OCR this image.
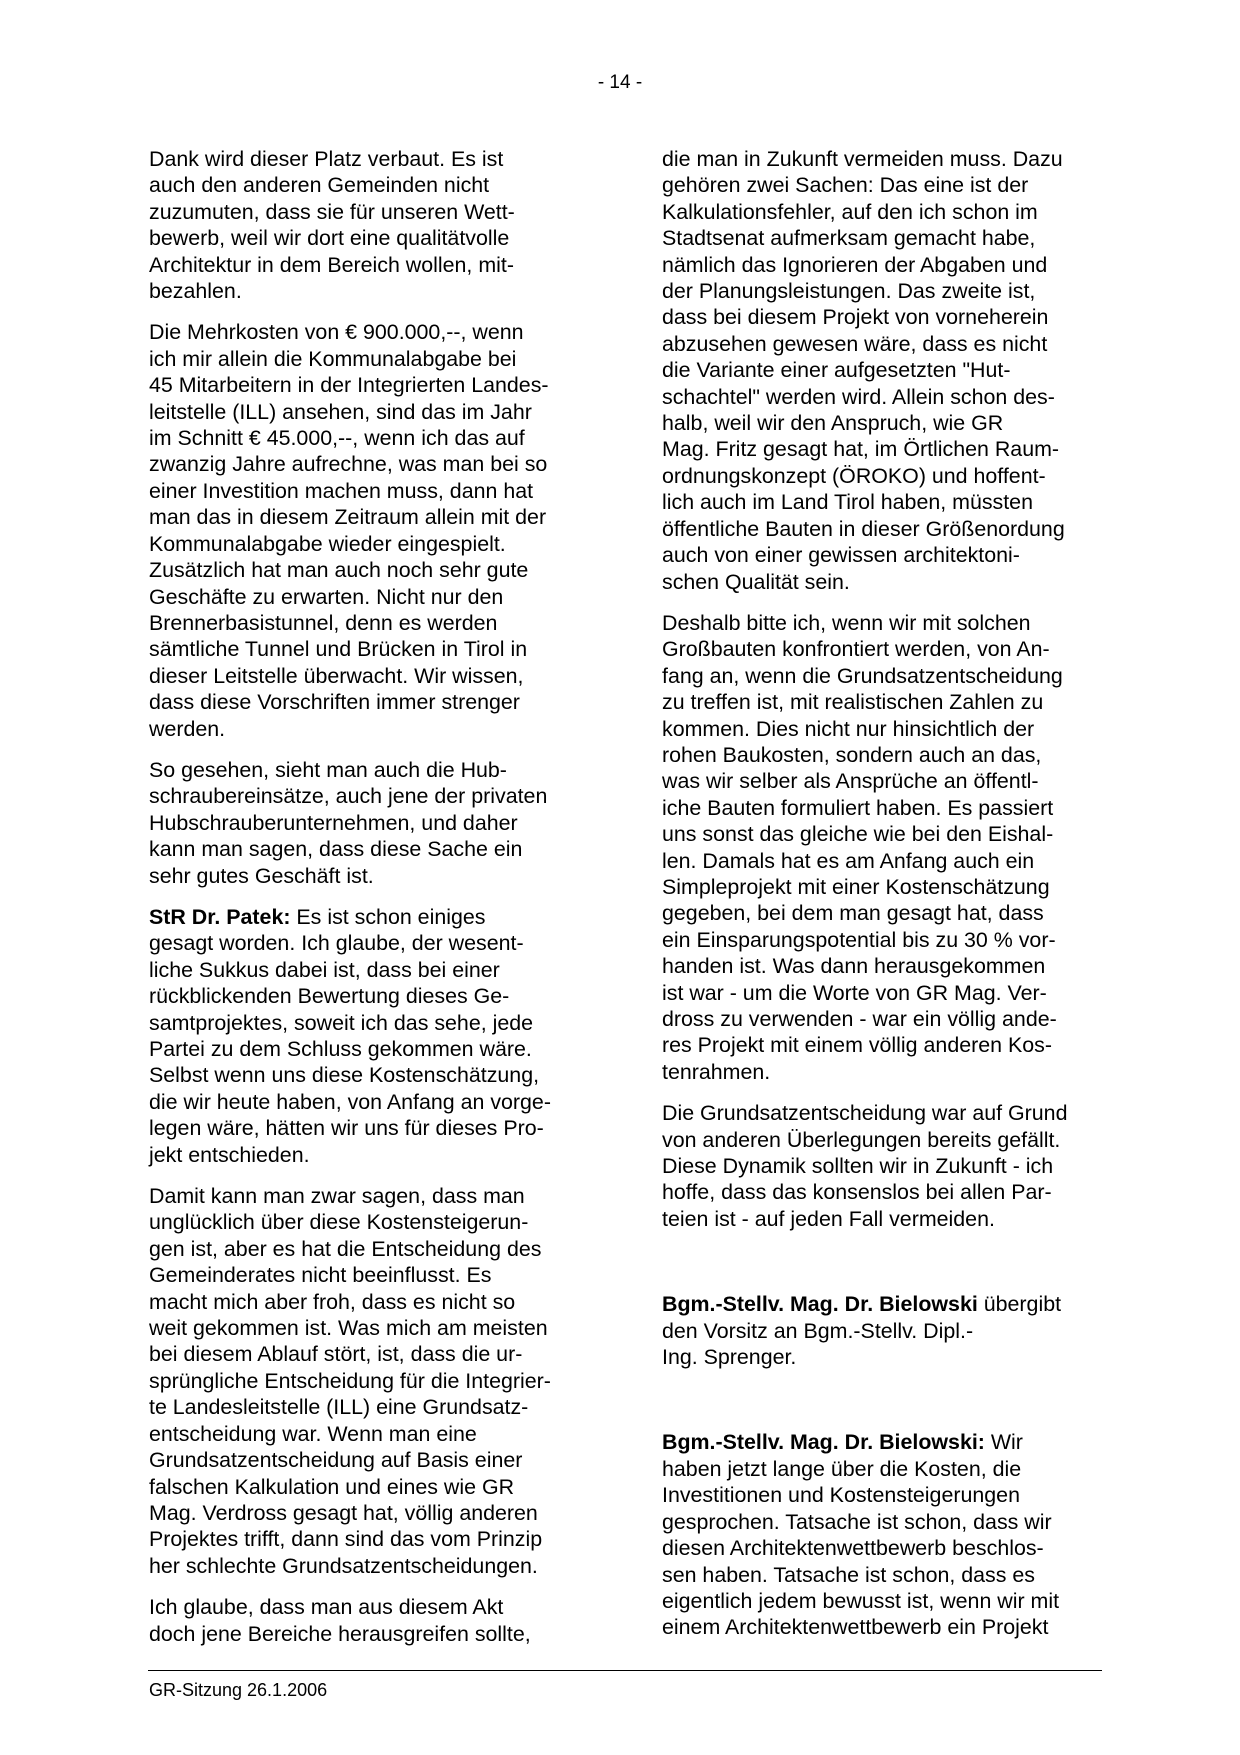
- 14 -
Dank wird dieser Platz verbaut. Es ist
auch den anderen Gemeinden nicht
zuzumuten, dass sie für unseren Wett-
bewerb, weil wir dort eine qualitätvolle
Architektur in dem Bereich wollen, mit-
bezahlen.
Die Mehrkosten von € 900.000,--, wenn
ich mir allein die Kommunalabgabe bei
45 Mitarbeitern in der Integrierten Landes-
leitstelle (ILL) ansehen, sind das im Jahr
im Schnitt € 45.000,--, wenn ich das auf
zwanzig Jahre aufrechne, was man bei so
einer Investition machen muss, dann hat
man das in diesem Zeitraum allein mit der
Kommunalabgabe wieder eingespielt.
Zusätzlich hat man auch noch sehr gute
Geschäfte zu erwarten. Nicht nur den
Brennerbasistunnel, denn es werden
sämtliche Tunnel und Brücken in Tirol in
dieser Leitstelle überwacht. Wir wissen,
dass diese Vorschriften immer strenger
werden.
So gesehen, sieht man auch die Hub-
schraubereinsätze, auch jene der privaten
Hubschrauberunternehmen, und daher
kann man sagen, dass diese Sache ein
sehr gutes Geschäft ist.
StR Dr. Patek: Es ist schon einiges
gesagt worden. Ich glaube, der wesent-
liche Sukkus dabei ist, dass bei einer
rückblickenden Bewertung dieses Ge-
samtprojektes, soweit ich das sehe, jede
Partei zu dem Schluss gekommen wäre.
Selbst wenn uns diese Kostenschätzung,
die wir heute haben, von Anfang an vorge-
legen wäre, hätten wir uns für dieses Pro-
jekt entschieden.
Damit kann man zwar sagen, dass man
unglücklich über diese Kostensteigerun-
gen ist, aber es hat die Entscheidung des
Gemeinderates nicht beeinflusst. Es
macht mich aber froh, dass es nicht so
weit gekommen ist. Was mich am meisten
bei diesem Ablauf stört, ist, dass die ur-
sprüngliche Entscheidung für die Integrier-
te Landesleitstelle (ILL) eine Grundsatz-
entscheidung war. Wenn man eine
Grundsatzentscheidung auf Basis einer
falschen Kalkulation und eines wie GR
Mag. Verdross gesagt hat, völlig anderen
Projektes trifft, dann sind das vom Prinzip
her schlechte Grundsatzentscheidungen.
Ich glaube, dass man aus diesem Akt
doch jene Bereiche herausgreifen sollte,
die man in Zukunft vermeiden muss. Dazu
gehören zwei Sachen: Das eine ist der
Kalkulationsfehler, auf den ich schon im
Stadtsenat aufmerksam gemacht habe,
nämlich das Ignorieren der Abgaben und
der Planungsleistungen. Das zweite ist,
dass bei diesem Projekt von vorneherein
abzusehen gewesen wäre, dass es nicht
die Variante einer aufgesetzten "Hut-
schachtel" werden wird. Allein schon des-
halb, weil wir den Anspruch, wie GR
Mag. Fritz gesagt hat, im Örtlichen Raum-
ordnungskonzept (ÖROKO) und hoffent-
lich auch im Land Tirol haben, müssten
öffentliche Bauten in dieser Größenordung
auch von einer gewissen architektoni-
schen Qualität sein.
Deshalb bitte ich, wenn wir mit solchen
Großbauten konfrontiert werden, von An-
fang an, wenn die Grundsatzentscheidung
zu treffen ist, mit realistischen Zahlen zu
kommen. Dies nicht nur hinsichtlich der
rohen Baukosten, sondern auch an das,
was wir selber als Ansprüche an öffentl-
iche Bauten formuliert haben. Es passiert
uns sonst das gleiche wie bei den Eishal-
len. Damals hat es am Anfang auch ein
Simpleprojekt mit einer Kostenschätzung
gegeben, bei dem man gesagt hat, dass
ein Einsparungspotential bis zu 30 % vor-
handen ist. Was dann herausgekommen
ist war - um die Worte von GR Mag. Ver-
dross zu verwenden - war ein völlig ande-
res Projekt mit einem völlig anderen Kos-
tenrahmen.
Die Grundsatzentscheidung war auf Grund
von anderen Überlegungen bereits gefällt.
Diese Dynamik sollten wir in Zukunft - ich
hoffe, dass das konsenslos bei allen Par-
teien ist - auf jeden Fall vermeiden.
Bgm.-Stellv. Mag. Dr. Bielowski übergibt
den Vorsitz an Bgm.-Stellv. Dipl.-
Ing. Sprenger.
Bgm.-Stellv. Mag. Dr. Bielowski: Wir
haben jetzt lange über die Kosten, die
Investitionen und Kostensteigerungen
gesprochen. Tatsache ist schon, dass wir
diesen Architektenwettbewerb beschlos-
sen haben. Tatsache ist schon, dass es
eigentlich jedem bewusst ist, wenn wir mit
einem Architektenwettbewerb ein Projekt
GR-Sitzung 26.1.2006
